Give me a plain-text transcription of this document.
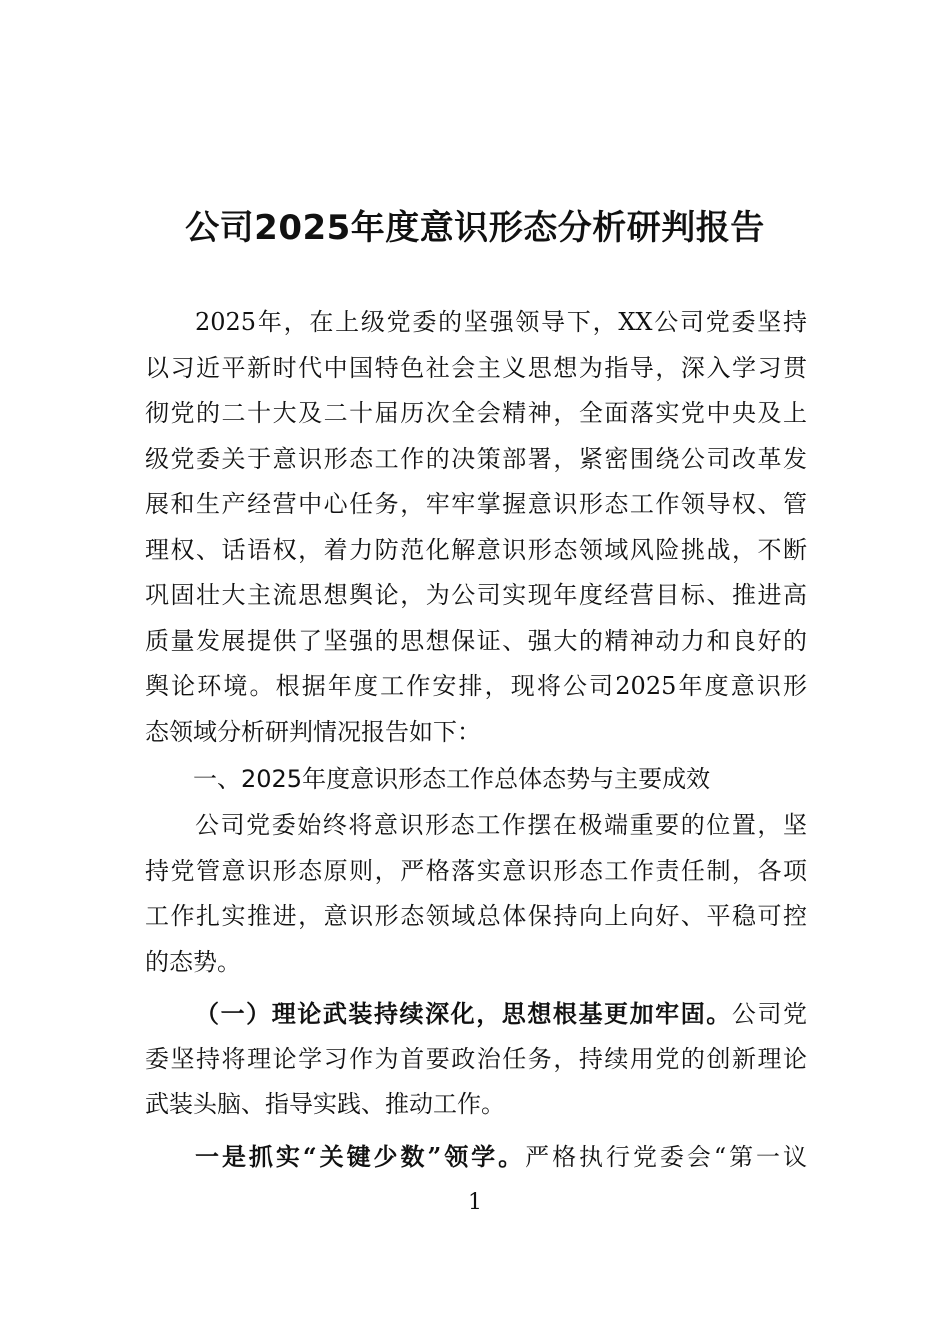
公司2025年度意识形态分析研判报告
2025年，在上级党委的坚强领导下，XX公司党委坚持
以习近平新时代中国特色社会主义思想为指导，深入学习贯
彻党的二十大及二十届历次全会精神，全面落实党中央及上
级党委关于意识形态工作的决策部署，紧密围绕公司改革发
展和生产经营中心任务，牢牢掌握意识形态工作领导权、管
理权、话语权，着力防范化解意识形态领域风险挑战，不断
巩固壮大主流思想舆论，为公司实现年度经营目标、推进高
质量发展提供了坚强的思想保证、强大的精神动力和良好的
舆论环境。根据年度工作安排，现将公司2025年度意识形
态领域分析研判情况报告如下：
一、2025年度意识形态工作总体态势与主要成效
公司党委始终将意识形态工作摆在极端重要的位置，坚
持党管意识形态原则，严格落实意识形态工作责任制，各项
工作扎实推进，意识形态领域总体保持向上向好、平稳可控
的态势。
（一）理论武装持续深化，思想根基更加牢固。公司党
委坚持将理论学习作为首要政治任务，持续用党的创新理论
武装头脑、指导实践、推动工作。
一是抓实“关键少数”领学。严格执行党委会“第一议
1
